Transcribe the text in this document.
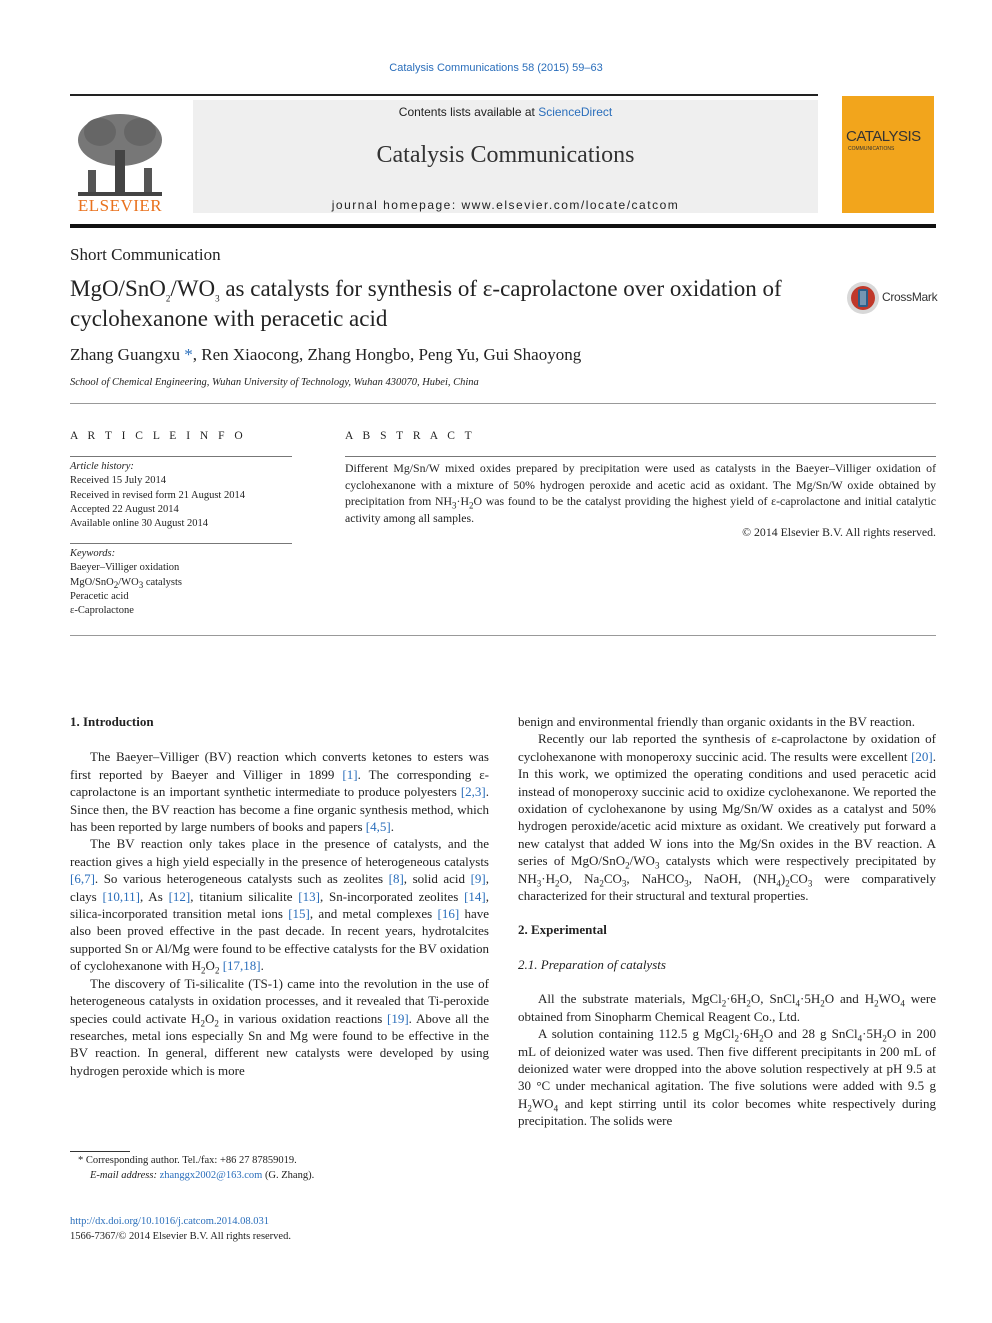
Catalysis Communications 58 (2015) 59–63
ELSEVIER
Contents lists available at ScienceDirect
Catalysis Communications
journal homepage: www.elsevier.com/locate/catcom
CATALYSIS
COMMUNICATIONS
Short Communication
MgO/$SnO_2/WO_3$ as catalysts for synthesis of ε-caprolactone over oxidation of cyclohexanone with peracetic acid
CrossMark
Zhang Guangxu *, Ren Xiaocong, Zhang Hongbo, Peng Yu, Gui Shaoyong
School of Chemical Engineering, Wuhan University of Technology, Wuhan 430070, Hubei, China
A R T I C L E I N F O	A B S T R A C T
Article history:
Received 15 July 2014
Received in revised form 21 August 2014
Accepted 22 August 2014
Available online 30 August 2014
Keywords:
Baeyer–Villiger oxidation
MgO/$SnO_2/WO_3$ catalysts
Peracetic acid
ε-Caprolactone
Different Mg/Sn/W mixed oxides prepared by precipitation were used as catalysts in the Baeyer–Villiger oxidation of cyclohexanone with a mixture of 50% hydrogen peroxide and acetic acid as oxidant. The Mg/Sn/W oxide obtained by precipitation from $NH_3\cdot H_2O$ was found to be the catalyst providing the highest yield of ε-caprolactone and initial catalytic activity among all samples.
© 2014 Elsevier B.V. All rights reserved.
1. Introduction

The Baeyer–Villiger (BV) reaction which converts ketones to esters was first reported by Baeyer and Villiger in 1899 [1]. The corresponding ε-caprolactone is an important synthetic intermediate to produce polyesters [2,3]. Since then, the BV reaction has become a fine organic synthesis method, which has been reported by large numbers of books and papers [4,5].

The BV reaction only takes place in the presence of catalysts, and the reaction gives a high yield especially in the presence of heterogeneous catalysts [6,7]. So various heterogeneous catalysts such as zeolites [8], solid acid [9], clays [10,11], As [12], titanium silicalite [13], Sn-incorporated zeolites [14], silica-incorporated transition metal ions [15], and metal complexes [16] have also been proved effective in the past decade. In recent years, hydrotalcites supported Sn or Al/Mg were found to be effective catalysts for the BV oxidation of cyclohexanone with $H_2O_2$ [17,18].

The discovery of Ti-silicalite (TS-1) came into the revolution in the use of heterogeneous catalysts in oxidation processes, and it revealed that Ti-peroxide species could activate $H_2O_2$ in various oxidation reactions [19]. Above all the researches, metal ions especially Sn and Mg were found to be effective in the BV reaction. In general, different new catalysts were developed by using hydrogen peroxide which is more

benign and environmental friendly than organic oxidants in the BV reaction.

Recently our lab reported the synthesis of ε-caprolactone by oxidation of cyclohexanone with monoperoxy succinic acid. The results were excellent [20]. In this work, we optimized the operating conditions and used peracetic acid instead of monoperoxy succinic acid to oxidize cyclohexanone. We reported the oxidation of cyclohexanone by using Mg/Sn/W oxides as a catalyst and 50% hydrogen peroxide/acetic acid mixture as oxidant. We creatively put forward a new catalyst that added W ions into the Mg/Sn oxides in the BV reaction. A series of MgO/$SnO_2/WO_3$ catalysts which were respectively precipitated by $NH_3\cdot H_2O$, $Na_2CO_3$, NaHCO$_3$, NaOH, $(NH_4)_2CO_3$ were comparatively characterized for their structural and textural properties.

2. Experimental
2.1. Preparation of catalysts

All the substrate materials, $MgCl_2\cdot 6H_2O$, $SnCl_4\cdot 5H_2O$ and $H_2WO_4$ were obtained from Sinopharm Chemical Reagent Co., Ltd.

A solution containing 112.5 g $MgCl_2\cdot 6H_2O$ and 28 g $SnCl_4\cdot 5H_2O$ in 200 mL of deionized water was used. Then five different precipitants in 200 mL of deionized water were dropped into the above solution respectively at pH 9.5 at 30 °C under mechanical agitation. The five solutions were added with 9.5 g $H_2WO_4$ and kept stirring until its color becomes white respectively during precipitation. The solids were

* Corresponding author. Tel./fax: +86 27 87859019.
E-mail address: zhanggx2002@163.com (G. Zhang).
http://dx.doi.org/10.1016/j.catcom.2014.08.031
1566-7367/© 2014 Elsevier B.V. All rights reserved.
